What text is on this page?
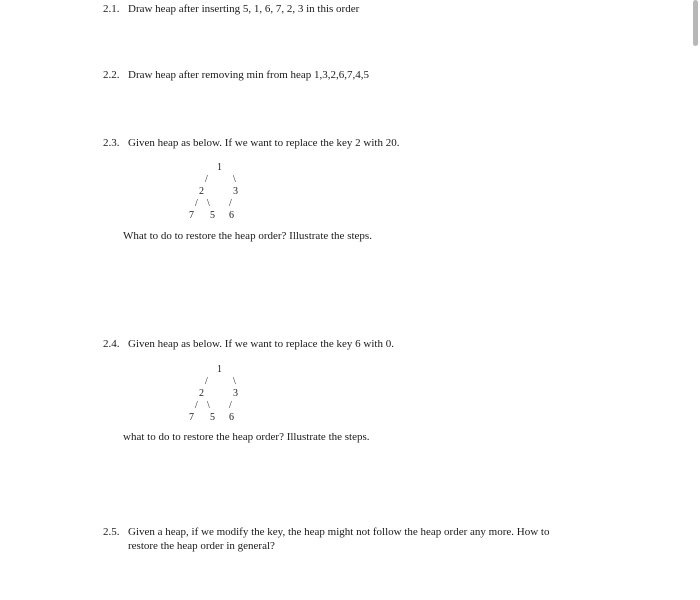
2.1. Draw heap after inserting 5, 1, 6, 7, 2, 3 in this order
2.2. Draw heap after removing min from heap 1,3,2,6,7,4,5
2.3. Given heap as below. If we want to replace the key 2 with 20.
1
/	\
2	3
/ \ /
7 5 6
What to do to restore the heap order? Illustrate the steps.
2.4. Given heap as below. If we want to replace the key 6 with 0.
1
/	\
2	3
/ \ /
7 5 6
what to do to restore the heap order? Illustrate the steps.
2.5. Given a heap, if we modify the key, the heap might not follow the heap order any more. How to
restore the heap order in general?
